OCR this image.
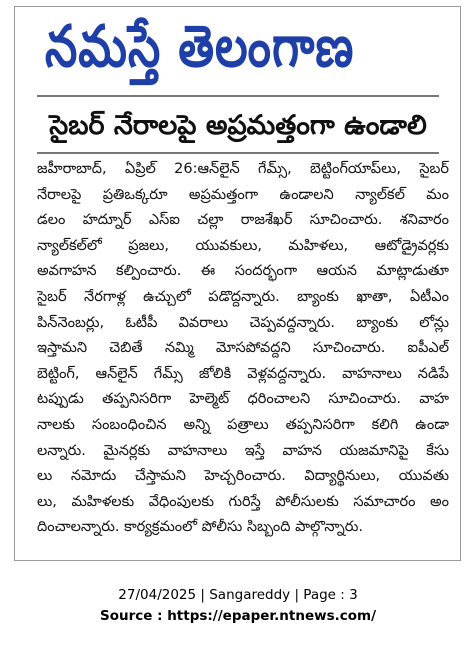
నమస్తే తెలంగాణ
సైబర్ నేరాలపై అప్రమత్తంగా ఉండాలి
జహీరాబాద్, ఏప్రిల్ 26:ఆన్‌లైన్ గేమ్స్, బెట్టింగ్‌యాప్‌లు, సైబర్
నేరాలపై ప్రతిఒక్కరూ అప్రమత్తంగా ఉండాలని న్యాల్‌కల్ మం
డలం హద్నూర్ ఎస్ఐ చల్లా రాజశేఖర్ సూచించారు. శనివారం
న్యాల్‌కల్‌లో ప్రజలు, యువకులు, మహిళలు, ఆటోడ్రైవర్లకు
అవగాహన కల్పించారు. ఈ సందర్భంగా ఆయన మాట్లాడుతూ
సైబర్ నేరగాళ్ల ఉచ్చులో పడొద్దన్నారు. బ్యాంకు ఖాతా, ఏటీఎం
పిన్‌నెంబర్లు, ఓటీపీ వివరాలు చెప్పవద్దన్నారు. బ్యాంకు లోన్లు
ఇస్తామని చెబితే నమ్మి మోసపోవద్దని సూచించారు. ఐపీఎల్
బెట్టింగ్, ఆన్‌లైన్ గేమ్స్ జోలికి వెళ్లవద్దన్నారు. వాహనాలు నడిపే
టప్పుడు తప్పనిసరిగా హెల్మెట్ ధరించాలని సూచించారు. వాహ
నాలకు సంబంధించిన అన్ని పత్రాలు తప్పనిసరిగా కలిగి ఉండా
లన్నారు. మైనర్లకు వాహనాలు ఇస్తే వాహన యజమానిపై కేసు
లు నమోదు చేస్తామని హెచ్చరించారు. విద్యార్థినులు, యువతు
లు, మహిళలకు వేధింపులకు గురిస్తే పోలీసులకు సమాచారం అం
దించాలన్నారు. కార్యక్రమంలో పోలీసు సిబ్బంది పాల్గొన్నారు.
27/04/2025 | Sangareddy | Page : 3
Source : https://epaper.ntnews.com/
